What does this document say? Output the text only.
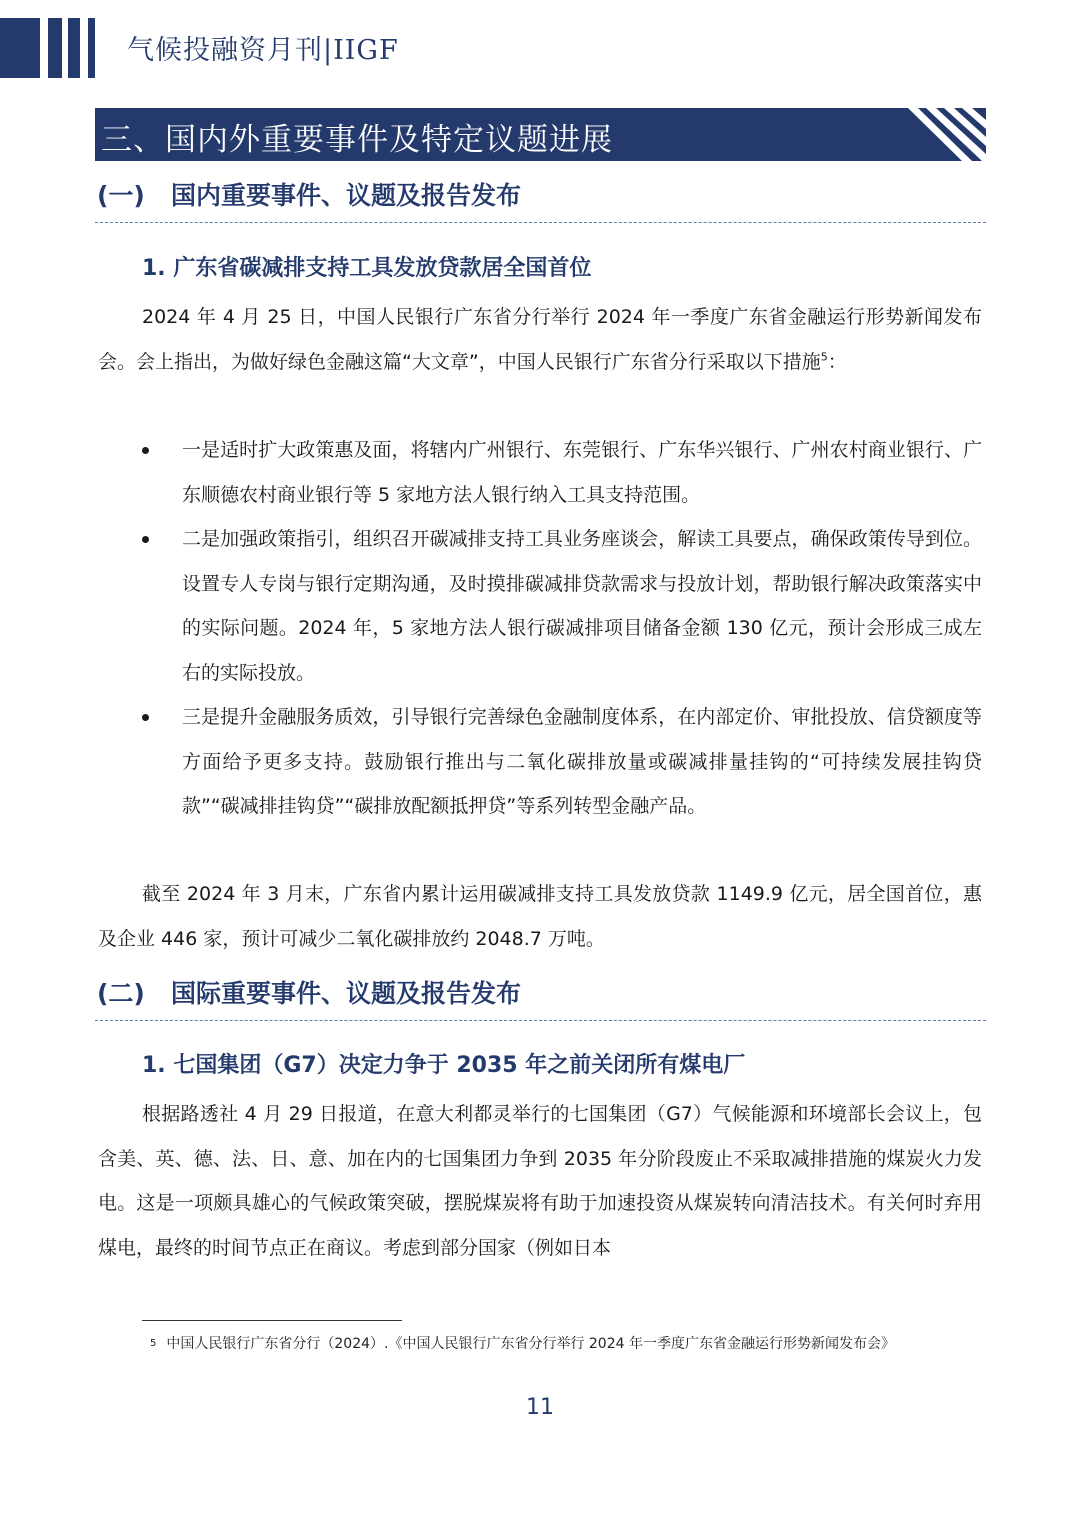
气候投融资月刊|IIGF
三、国内外重要事件及特定议题进展
(一) 国内重要事件、议题及报告发布
1. 广东省碳减排支持工具发放贷款居全国首位

2024 年 4 月 25 日，中国人民银行广东省分行举行 2024 年一季度广东省金融运行形势新闻发布会。会上指出，为做好绿色金融这篇“大文章”，中国人民银行广东省分行采取以下措施$^5$：

一是适时扩大政策惠及面，将辖内广州银行、东莞银行、广东华兴银行、广州农村商业银行、广东顺德农村商业银行等 5 家地方法人银行纳入工具支持范围。
二是加强政策指引，组织召开碳减排支持工具业务座谈会，解读工具要点，确保政策传导到位。设置专人专岗与银行定期沟通，及时摸排碳减排贷款需求与投放计划，帮助银行解决政策落实中的实际问题。2024 年，5 家地方法人银行碳减排项目储备金额 130 亿元，预计会形成三成左右的实际投放。
三是提升金融服务质效，引导银行完善绿色金融制度体系，在内部定价、审批投放、信贷额度等方面给予更多支持。鼓励银行推出与二氧化碳排放量或碳减排量挂钩的“可持续发展挂钩贷款”“碳减排挂钩贷”“碳排放配额抵押贷”等系列转型金融产品。

截至 2024 年 3 月末，广东省内累计运用碳减排支持工具发放贷款 1149.9 亿元，居全国首位，惠及企业 446 家，预计可减少二氧化碳排放约 2048.7 万吨。

(二) 国际重要事件、议题及报告发布
1. 七国集团（G7）决定力争于 2035 年之前关闭所有煤电厂

根据路透社 4 月 29 日报道，在意大利都灵举行的七国集团（G7）气候能源和环境部长会议上，包含美、英、德、法、日、意、加在内的七国集团力争到 2035 年分阶段废止不采取减排措施的煤炭火力发电。这是一项颇具雄心的气候政策突破，摆脱煤炭将有助于加速投资从煤炭转向清洁技术。有关何时弃用煤电，最终的时间节点正在商议。考虑到部分国家（例如日本

$^5$ 中国人民银行广东省分行（2024）.《中国人民银行广东省分行举行 2024 年一季度广东省金融运行形势新闻发布会》
11
